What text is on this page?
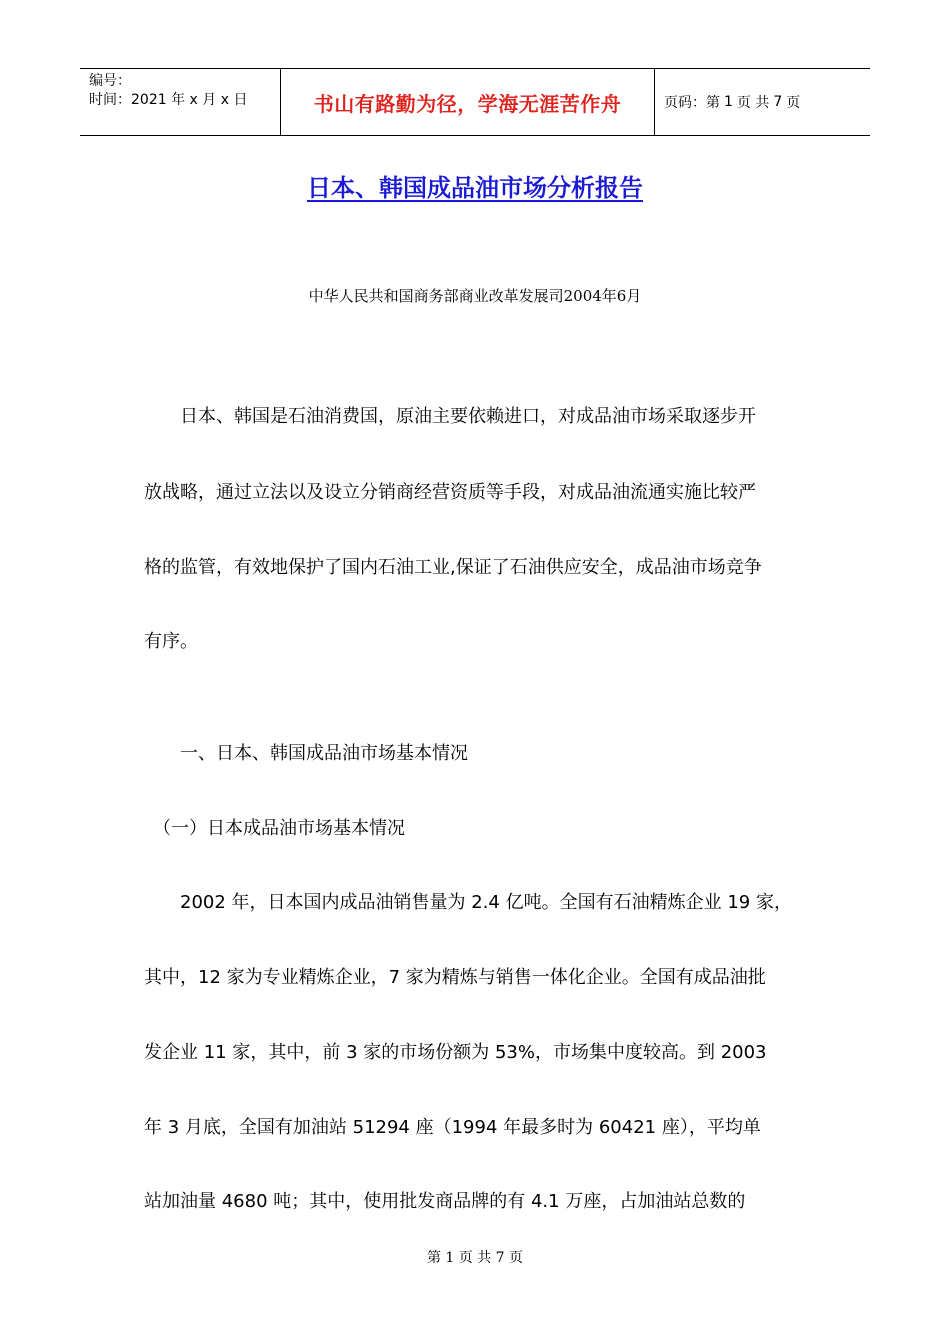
编号：
时间：2021 年 x 月 x 日	书山有路勤为径，学海无涯苦作舟	页码：第 1 页 共 7 页
日本、韩国成品油市场分析报告
中华人民共和国商务部商业改革发展司2004年6月
　　日本、韩国是石油消费国，原油主要依赖进口，对成品油市场采取逐步开
放战略，通过立法以及设立分销商经营资质等手段，对成品油流通实施比较严
格的监管，有效地保护了国内石油工业,保证了石油供应安全，成品油市场竞争
有序。
　　一、日本、韩国成品油市场基本情况
　（一）日本成品油市场基本情况
　　2002 年，日本国内成品油销售量为 2.4 亿吨。全国有石油精炼企业 19 家，
其中，12 家为专业精炼企业，7 家为精炼与销售一体化企业。全国有成品油批
发企业 11 家，其中，前 3 家的市场份额为 53%，市场集中度较高。到 2003
年 3 月底，全国有加油站 51294 座（1994 年最多时为 60421 座），平均单
站加油量 4680 吨；其中，使用批发商品牌的有 4.1 万座，占加油站总数的
第 1 页 共 7 页
